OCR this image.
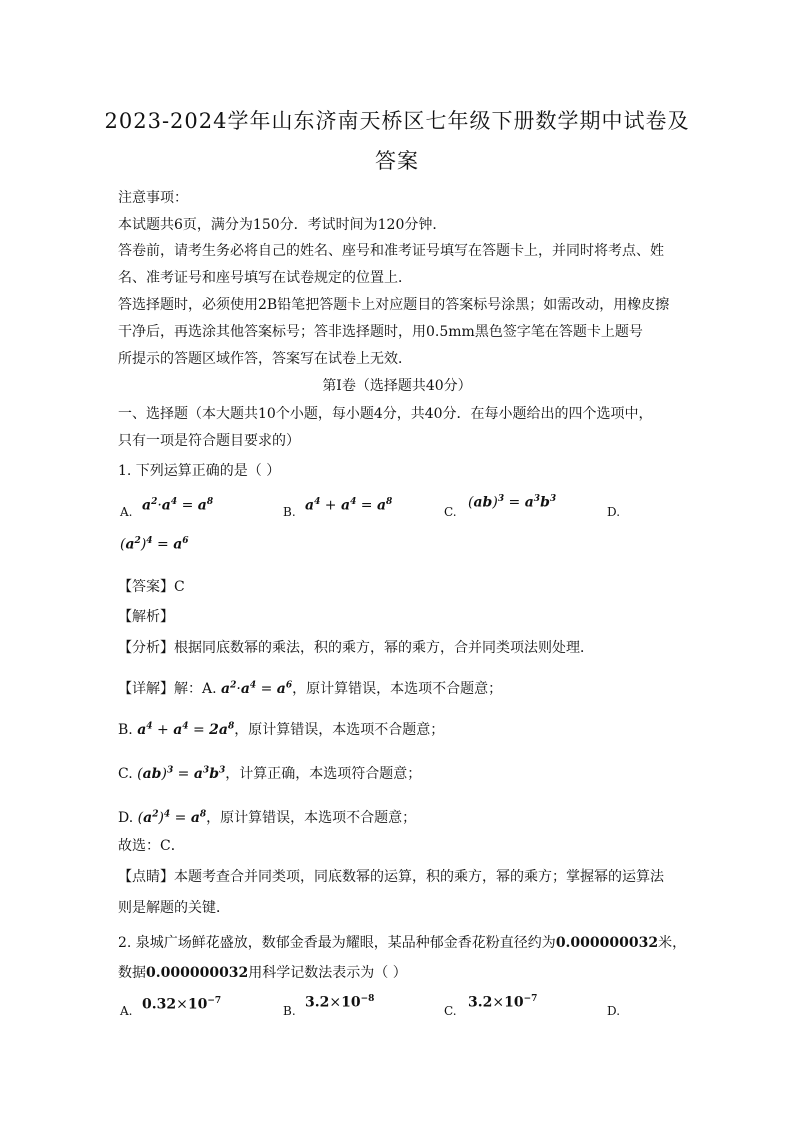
2023-2024学年山东济南天桥区七年级下册数学期中试卷及
答案
注意事项：
本试题共6页，满分为150分．考试时间为120分钟．
答卷前，请考生务必将自己的姓名、座号和准考证号填写在答题卡上，并同时将考点、姓
名、准考证号和座号填写在试卷规定的位置上．
答选择题时，必须使用2B铅笔把答题卡上对应题目的答案标号涂黑；如需改动，用橡皮擦
干净后，再选涂其他答案标号；答非选择题时，用0.5mm黑色签字笔在答题卡上题号
所提示的答题区域作答，答案写在试卷上无效．
第Ⅰ卷（选择题共40分）
一、选择题（本大题共10个小题，每小题4分，共40分．在每小题给出的四个选项中，
只有一项是符合题目要求的）
1. 下列运算正确的是（ ）
A. $a^2\cdot a^4 = a^8$
B. $a^4 + a^4 = a^8$
C.
$(ab)^3 = a^3b^3$
D.
$(a^2)^4 = a^6$
【答案】C
【解析】
【分析】根据同底数幂的乘法，积的乘方，幂的乘方，合并同类项法则处理．
【详解】解：A. $a^2\cdot a^4 = a^6$，原计算错误，本选项不合题意；
B. $a^4 + a^4 = 2a^8$，原计算错误，本选项不合题意；
C. $(ab)^3 = a^3b^3$，计算正确，本选项符合题意；
D. $(a^2)^4 = a^8$，原计算错误，本选项不合题意；
故选：C．
【点睛】本题考查合并同类项，同底数幂的运算，积的乘方，幂的乘方；掌握幂的运算法
则是解题的关键．
2. 泉城广场鲜花盛放，数郁金香最为耀眼，某品种郁金香花粉直径约为0.000000032米，
数据0.000000032用科学记数法表示为（ ）
A. $0.32\times 10^{-7}$
B.
$3.2\times 10^{-8}$
C.
$3.2\times 10^{-7}$
D.
